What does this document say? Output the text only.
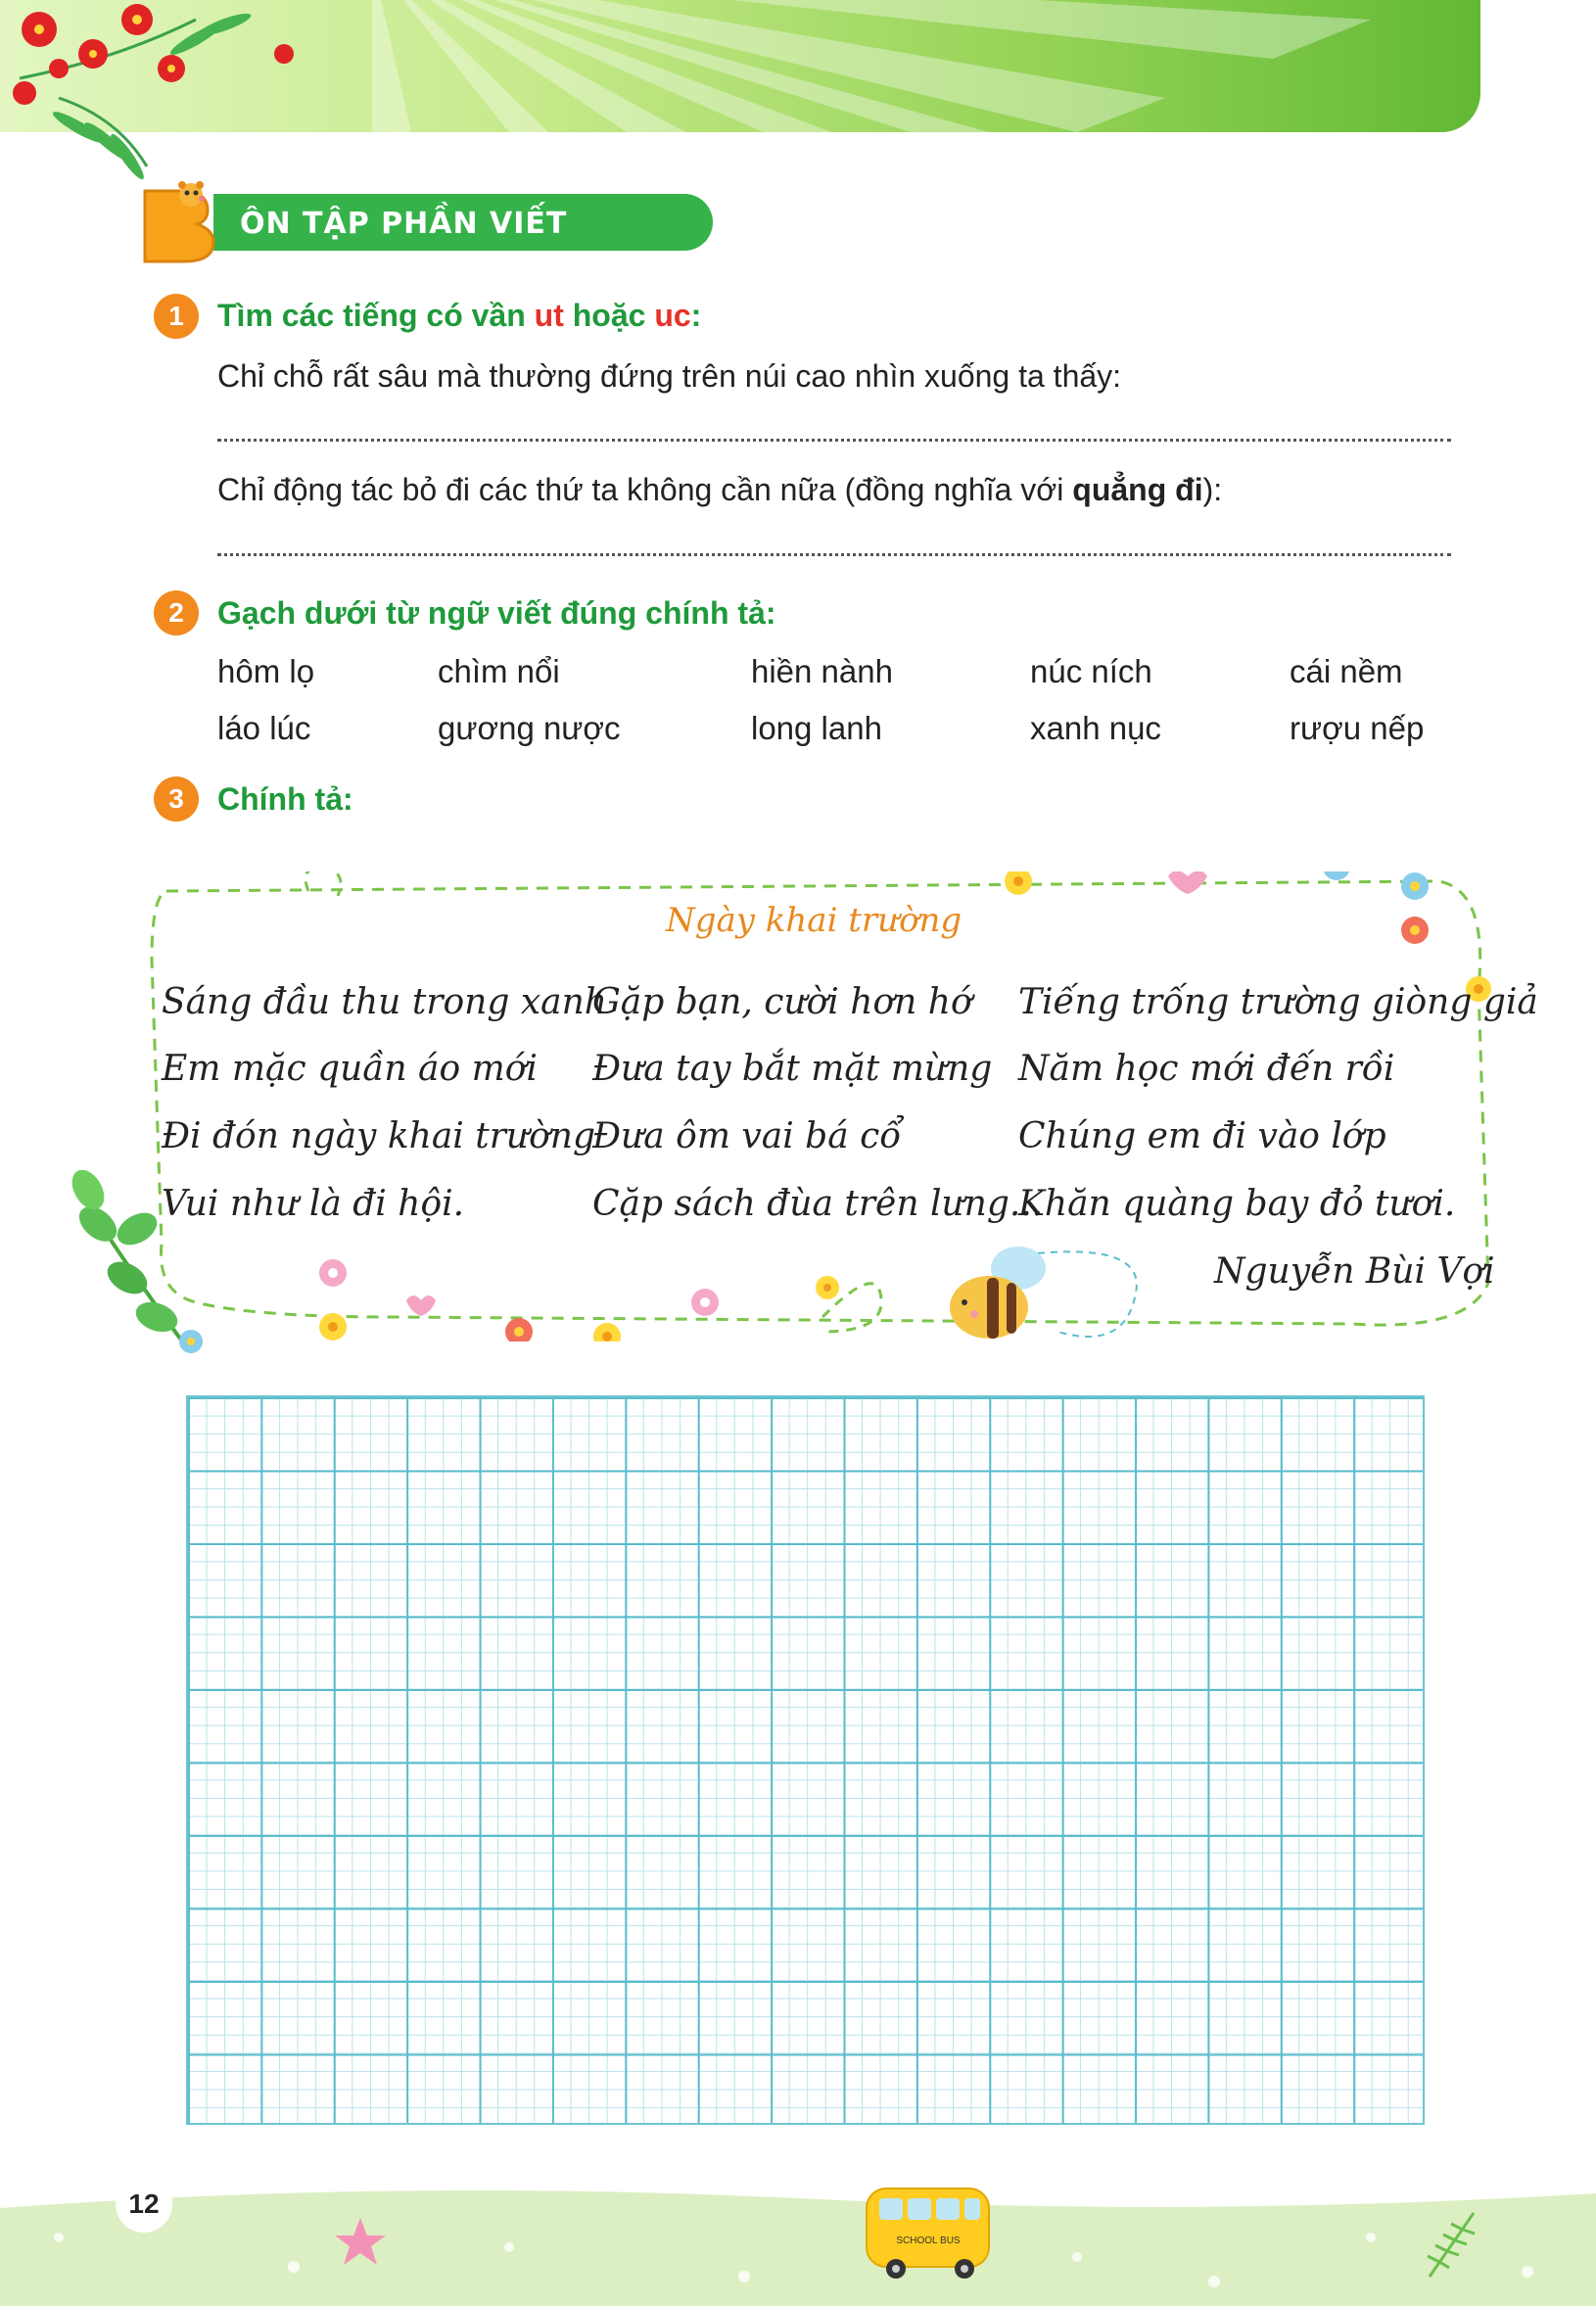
ÔN TẬP PHẦN VIẾT
1	Tìm các tiếng có vần ut hoặc uc:
Chỉ chỗ rất sâu mà thường đứng trên núi cao nhìn xuống ta thấy:
Chỉ động tác bỏ đi các thứ ta không cần nữa (đồng nghĩa với quẳng đi):
2	Gạch dưới từ ngữ viết đúng chính tả:
hôm lọ	chìm nổi	hiền nành	núc ních	cái nềm
láo lúc	gương nược	long lanh	xanh nục	rượu nếp
3	Chính tả:
Ngày khai trường
Sáng đầu thu trong xanh
Em mặc quần áo mới
Đi đón ngày khai trường
Vui như là đi hội.
Gặp bạn, cười hơn hớ
Đưa tay bắt mặt mừng
Đưa ôm vai bá cổ
Cặp sách đùa trên lưng...
Tiếng trống trường giòng giả
Năm học mới đến rồi
Chúng em đi vào lớp
Khăn quàng bay đỏ tươi.
Nguyễn Bùi Vợi
SCHOOL BUS
12
